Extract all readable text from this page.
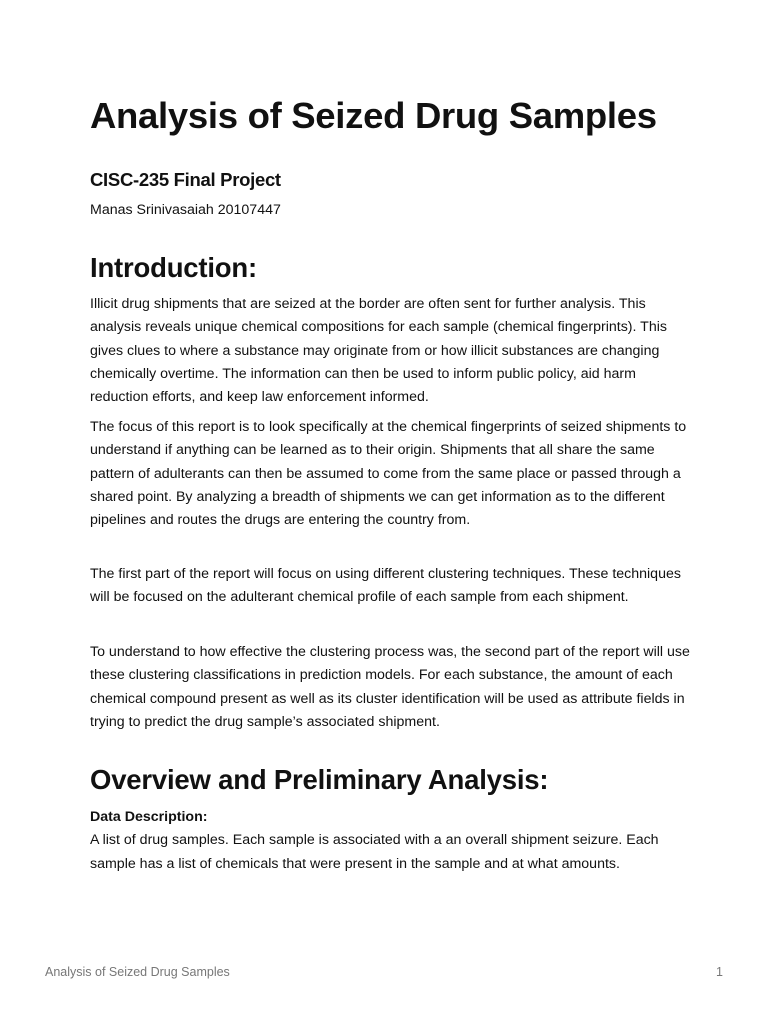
Analysis of Seized Drug Samples
CISC-235 Final Project

Manas Srinivasaiah 20107447

Introduction:

Illicit drug shipments that are seized at the border are often sent for further analysis. This analysis reveals unique chemical compositions for each sample (chemical fingerprints). This gives clues to where a substance may originate from or how illicit substances are changing chemically overtime. The information can then be used to inform public policy, aid harm reduction efforts, and keep law enforcement informed.

The focus of this report is to look specifically at the chemical fingerprints of seized shipments to understand if anything can be learned as to their origin. Shipments that all share the same pattern of adulterants can then be assumed to come from the same place or passed through a shared point. By analyzing a breadth of shipments we can get information as to the different pipelines and routes the drugs are entering the country from.

The first part of the report will focus on using different clustering techniques. These techniques will be focused on the adulterant chemical profile of each sample from each shipment.

To understand to how effective the clustering process was, the second part of the report will use these clustering classifications in prediction models. For each substance, the amount of each chemical compound present as well as its cluster identification will be used as attribute fields in trying to predict the drug sample’s associated shipment.

Overview and Preliminary Analysis:
Data Description:
A list of drug samples. Each sample is associated with a an overall shipment seizure. Each sample has a list of chemicals that were present in the sample and at what amounts.
Analysis of Seized Drug Samples	1
